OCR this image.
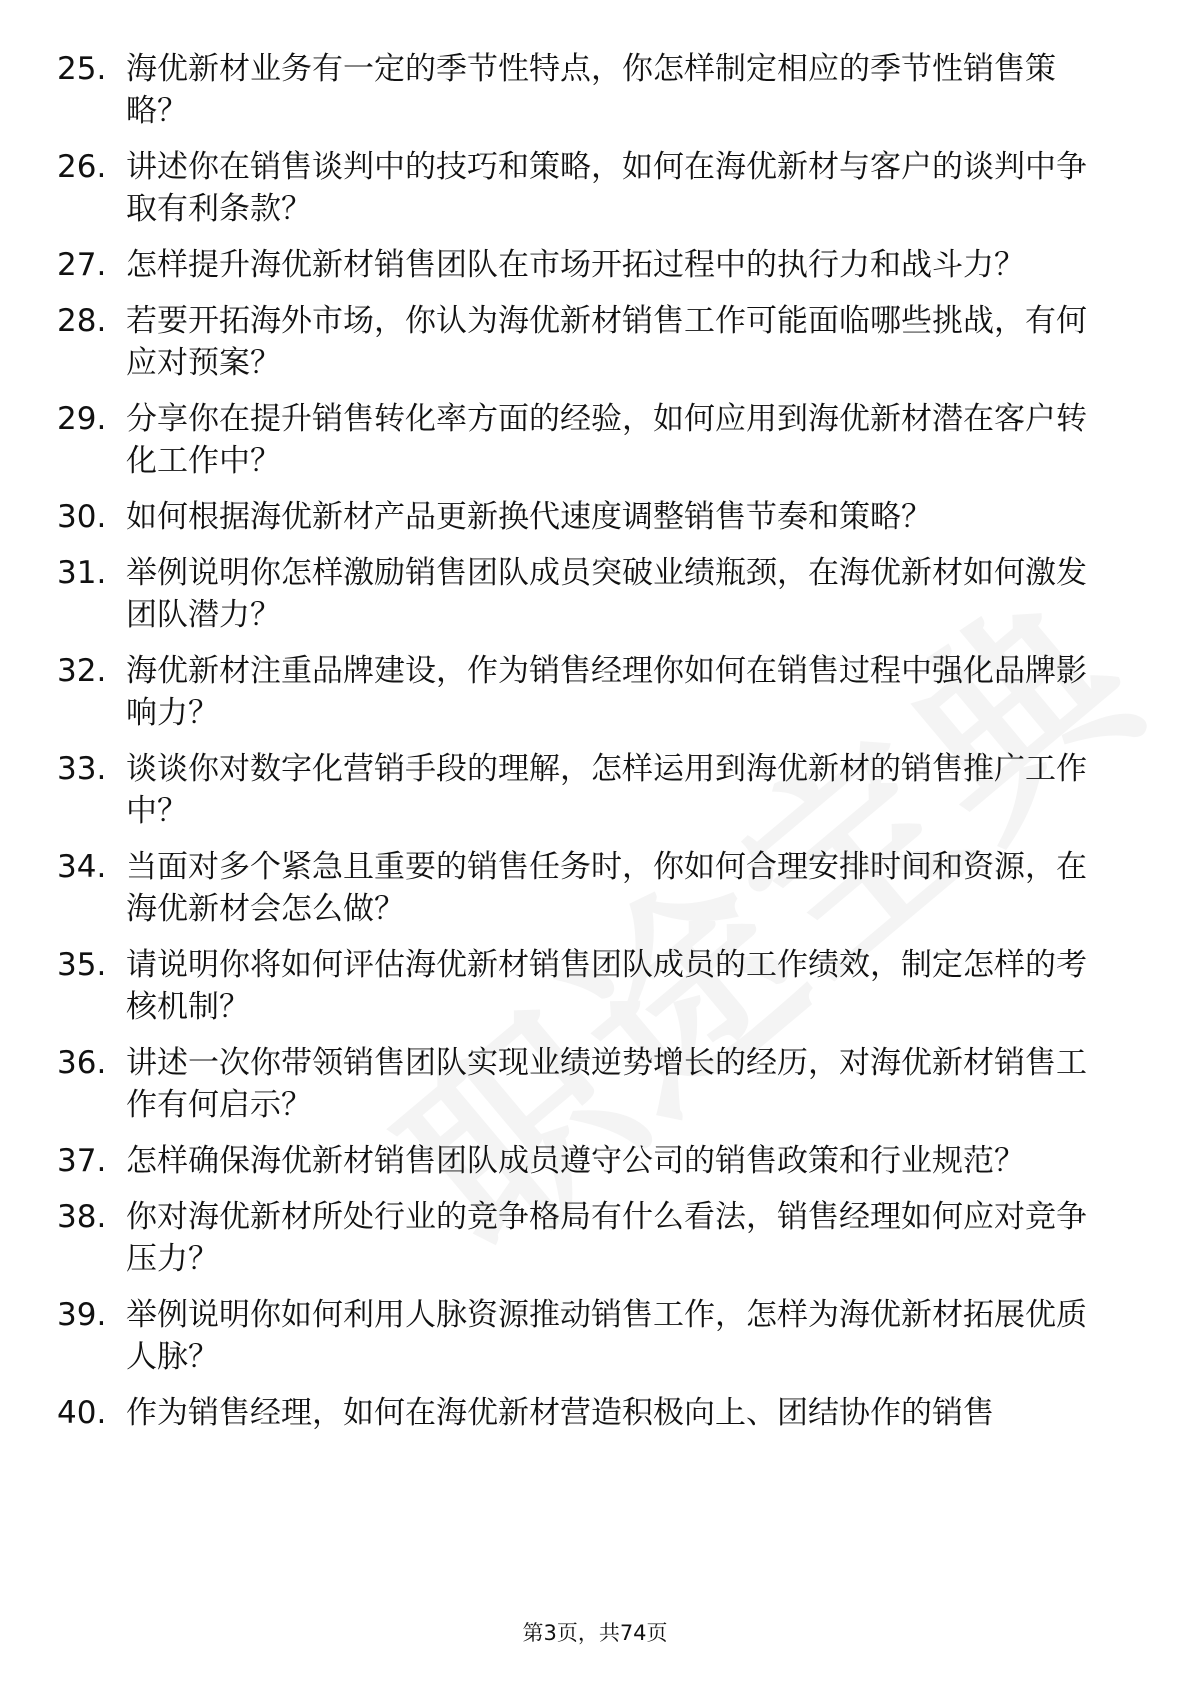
25. 海优新材业务有一定的季节性特点，你怎样制定相应的季节性销售策略？
26. 讲述你在销售谈判中的技巧和策略，如何在海优新材与客户的谈判中争取有利条款？
27. 怎样提升海优新材销售团队在市场开拓过程中的执行力和战斗力？
28. 若要开拓海外市场，你认为海优新材销售工作可能面临哪些挑战，有何应对预案？
29. 分享你在提升销售转化率方面的经验，如何应用到海优新材潜在客户转化工作中？
30. 如何根据海优新材产品更新换代速度调整销售节奏和策略？
31. 举例说明你怎样激励销售团队成员突破业绩瓶颈，在海优新材如何激发团队潜力？
32. 海优新材注重品牌建设，作为销售经理你如何在销售过程中强化品牌影响力？
33. 谈谈你对数字化营销手段的理解，怎样运用到海优新材的销售推广工作中？
34. 当面对多个紧急且重要的销售任务时，你如何合理安排时间和资源，在海优新材会怎么做？
35. 请说明你将如何评估海优新材销售团队成员的工作绩效，制定怎样的考核机制？
36. 讲述一次你带领销售团队实现业绩逆势增长的经历，对海优新材销售工作有何启示？
37. 怎样确保海优新材销售团队成员遵守公司的销售政策和行业规范？
38. 你对海优新材所处行业的竞争格局有什么看法，销售经理如何应对竞争压力？
39. 举例说明你如何利用人脉资源推动销售工作，怎样为海优新材拓展优质人脉？
40. 作为销售经理，如何在海优新材营造积极向上、团结协作的销售
第3页，共74页
